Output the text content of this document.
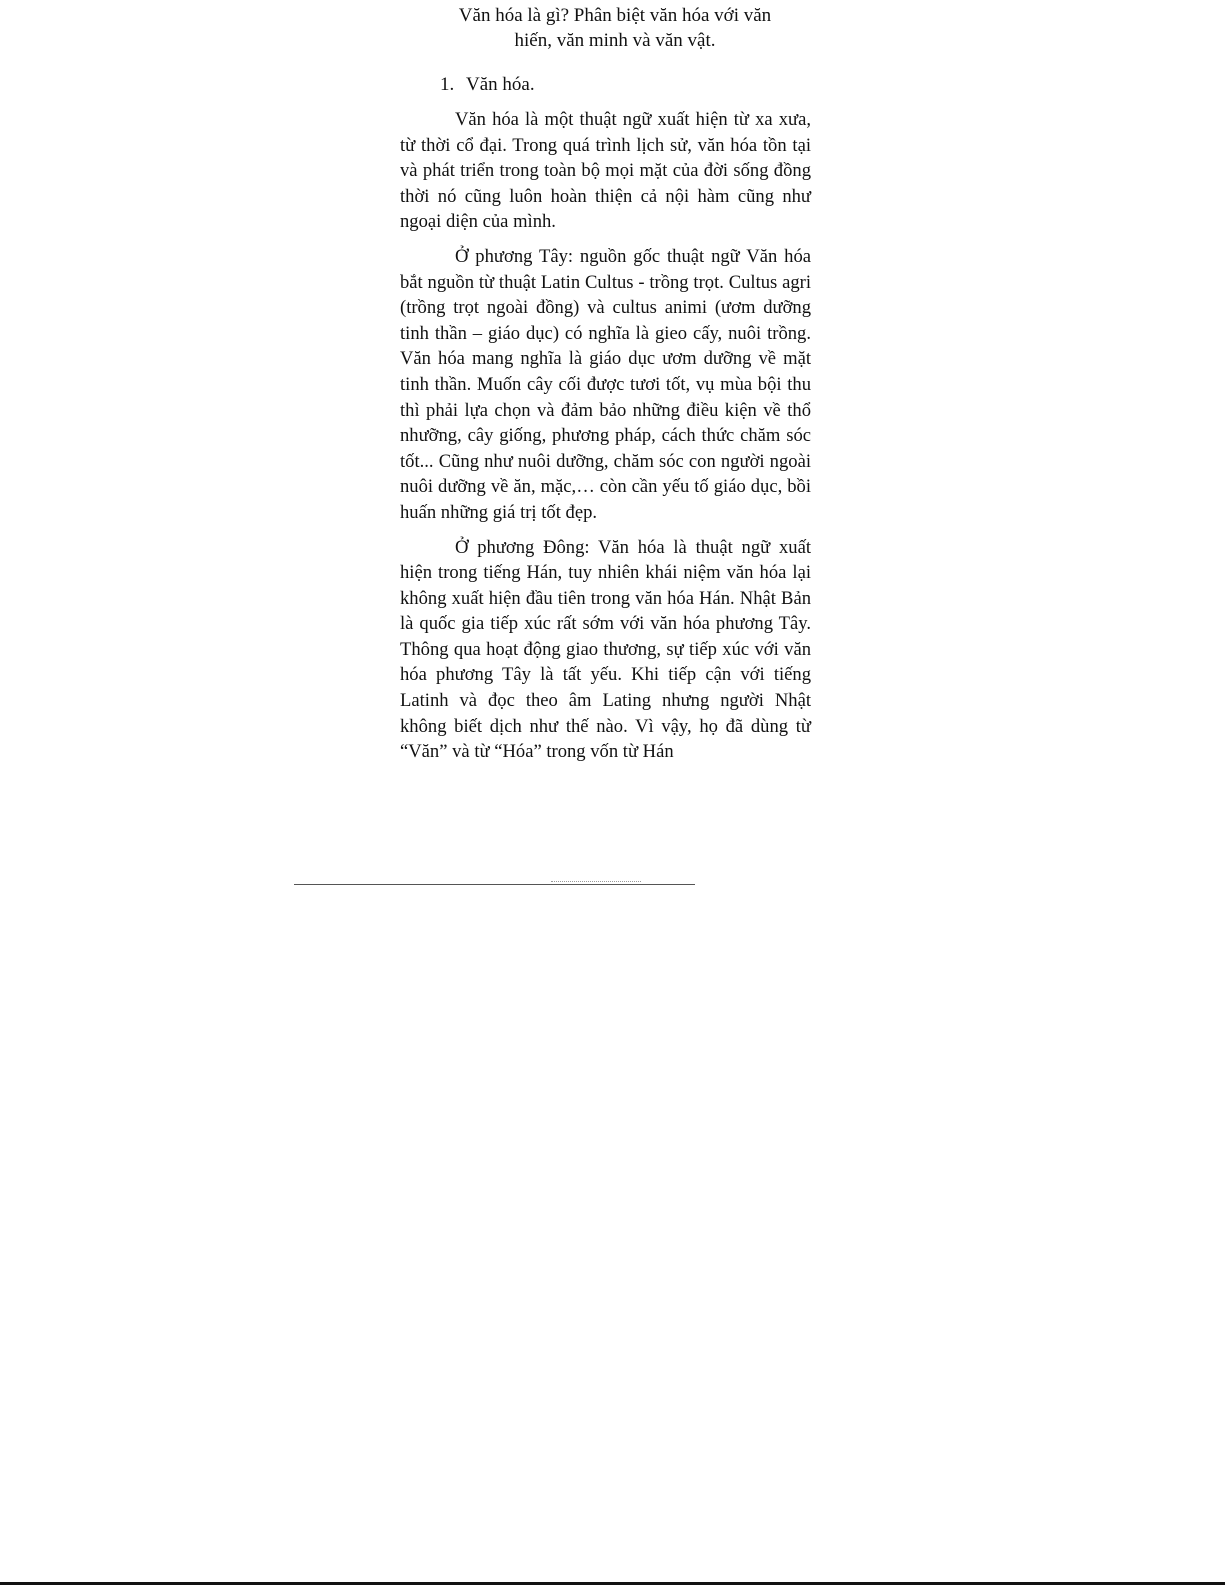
Văn hóa là gì? Phân biệt văn hóa với văn
hiến, văn minh và văn vật.
1. Văn hóa.

Văn hóa là một thuật ngữ xuất hiện từ xa xưa, từ thời cổ đại. Trong quá trình lịch sử, văn hóa tồn tại và phát triển trong toàn bộ mọi mặt của đời sống đồng thời nó cũng luôn hoàn thiện cả nội hàm cũng như ngoại diện của mình.

Ở phương Tây: nguồn gốc thuật ngữ Văn hóa bắt nguồn từ thuật Latin Cultus - trồng trọt. Cultus agri (trồng trọt ngoài đồng) và cultus animi (ươm dưỡng tinh thần – giáo dục) có nghĩa là gieo cấy, nuôi trồng. Văn hóa mang nghĩa là giáo dục ươm dưỡng về mặt tinh thần. Muốn cây cối được tươi tốt, vụ mùa bội thu thì phải lựa chọn và đảm bảo những điều kiện về thổ nhưỡng, cây giống, phương pháp, cách thức chăm sóc tốt... Cũng như nuôi dưỡng, chăm sóc con người ngoài nuôi dưỡng về ăn, mặc,… còn cần yếu tố giáo dục, bồi huấn những giá trị tốt đẹp.

Ở phương Đông: Văn hóa là thuật ngữ xuất hiện trong tiếng Hán, tuy nhiên khái niệm văn hóa lại không xuất hiện đầu tiên trong văn hóa Hán. Nhật Bản là quốc gia tiếp xúc rất sớm với văn hóa phương Tây. Thông qua hoạt động giao thương, sự tiếp xúc với văn hóa phương Tây là tất yếu. Khi tiếp cận với tiếng Latinh và đọc theo âm Lating nhưng người Nhật không biết dịch như thế nào. Vì vậy, họ đã dùng từ “Văn” và từ “Hóa” trong vốn từ Hán
